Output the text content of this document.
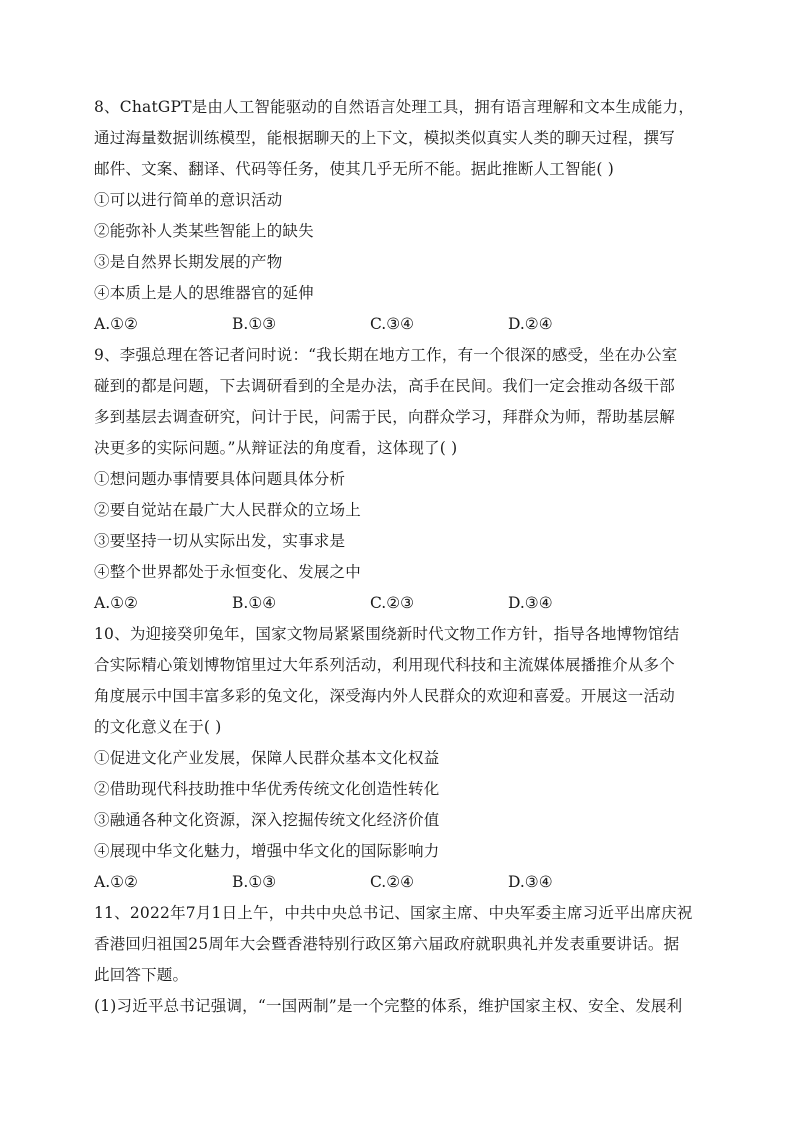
8、ChatGPT是由人工智能驱动的自然语言处理工具，拥有语言理解和文本生成能力，
通过海量数据训练模型，能根据聊天的上下文，模拟类似真实人类的聊天过程，撰写
邮件、文案、翻译、代码等任务，使其几乎无所不能。据此推断人工智能( )
①可以进行简单的意识活动
②能弥补人类某些智能上的缺失
③是自然界长期发展的产物
④本质上是人的思维器官的延伸
A.①②	B.①③	C.③④	D.②④
9、李强总理在答记者问时说：“我长期在地方工作，有一个很深的感受，坐在办公室
碰到的都是问题，下去调研看到的全是办法，高手在民间。我们一定会推动各级干部
多到基层去调查研究，问计于民，问需于民，向群众学习，拜群众为师，帮助基层解
决更多的实际问题。”从辩证法的角度看，这体现了( )
①想问题办事情要具体问题具体分析
②要自觉站在最广大人民群众的立场上
③要坚持一切从实际出发，实事求是
④整个世界都处于永恒变化、发展之中
A.①②	B.①④	C.②③	D.③④
10、为迎接癸卯兔年，国家文物局紧紧围绕新时代文物工作方针，指导各地博物馆结
合实际精心策划博物馆里过大年系列活动，利用现代科技和主流媒体展播推介从多个
角度展示中国丰富多彩的兔文化，深受海内外人民群众的欢迎和喜爱。开展这一活动
的文化意义在于( )
①促进文化产业发展，保障人民群众基本文化权益
②借助现代科技助推中华优秀传统文化创造性转化
③融通各种文化资源，深入挖掘传统文化经济价值
④展现中华文化魅力，增强中华文化的国际影响力
A.①②	B.①③	C.②④	D.③④
11、2022年7月1日上午，中共中央总书记、国家主席、中央军委主席习近平出席庆祝
香港回归祖国25周年大会暨香港特别行政区第六届政府就职典礼并发表重要讲话。据
此回答下题。
(1)习近平总书记强调，“一国两制”是一个完整的体系，维护国家主权、安全、发展利
